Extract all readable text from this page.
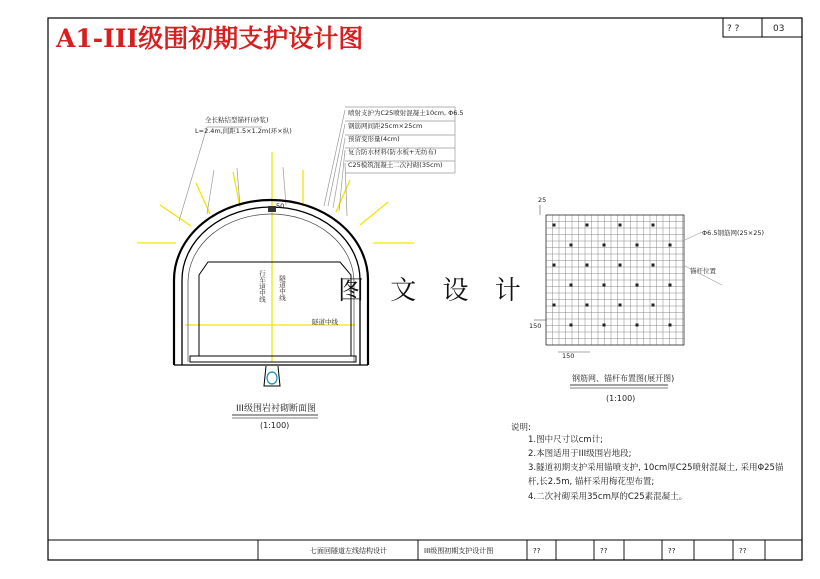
? ?	03
A1-III级围初期支护设计图
50
全长粘结型锚杆(砂浆)
L=2.4m,间距1.5×1.2m(环×纵)
喷射支护为C25喷射混凝土10cm, Φ6.5
钢筋网间距25cm×25cm
预留变形量(4cm)
复合防水材料(防水板+无纺布)
C25模筑混凝土二次衬砌(35cm)
行车道中线 隧道中线
隧道中线
III级围岩衬砌断面图
(1:100)
图 文 设 计
25
150
150
Φ6.5钢筋网(25×25)
锚杆位置
钢筋网、锚杆布置图(展开图)
(1:100)
说明:
1.图中尺寸以cm计;
2.本图适用于III级围岩地段;
3.隧道初期支护采用锚喷支护, 10cm厚C25喷射混凝土, 采用Φ25锚
杆,长2.5m, 锚杆采用梅花型布置;
4.二次衬砌采用35cm厚的C25素混凝土。
七面回隧道左线结构设计	III级围初期支护设计图	??	??	??	??
